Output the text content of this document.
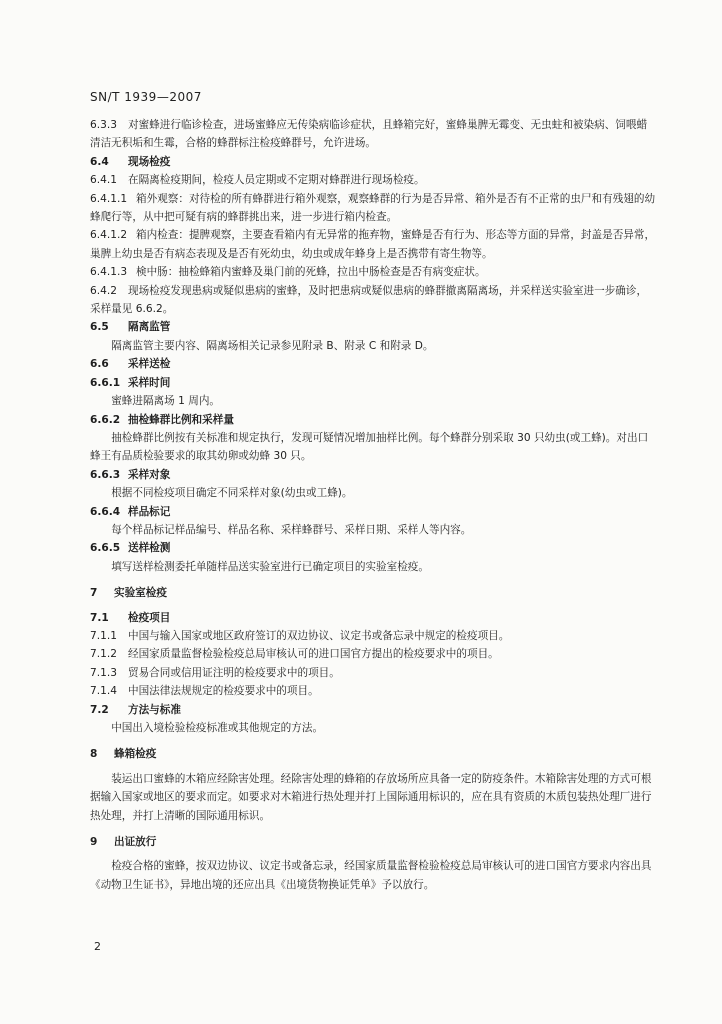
SN/T 1939—2007

6.3.3 对蜜蜂进行临诊检查，进场蜜蜂应无传染病临诊症状，且蜂箱完好，蜜蜂巢脾无霉变、无虫蛀和被染病、饲喂蜡清洁无积垢和生霉，合格的蜂群标注检疫蜂群号，允许进场。

6.4 现场检疫

6.4.1 在隔离检疫期间，检疫人员定期或不定期对蜂群进行现场检疫。

6.4.1.1 箱外观察：对待检的所有蜂群进行箱外观察，观察蜂群的行为是否异常、箱外是否有不正常的虫尸和有残翅的幼蜂爬行等，从中把可疑有病的蜂群挑出来，进一步进行箱内检查。

6.4.1.2 箱内检查：提脾观察，主要查看箱内有无异常的拖弃物，蜜蜂是否有行为、形态等方面的异常，封盖是否异常，巢脾上幼虫是否有病态表现及是否有死幼虫，幼虫或成年蜂身上是否携带有寄生物等。

6.4.1.3 検中肠：抽检蜂箱内蜜蜂及巢门前的死蜂，拉出中肠检查是否有病变症状。

6.4.2 现场检疫发现患病或疑似患病的蜜蜂，及时把患病或疑似患病的蜂群撤离隔离场，并采样送实验室进一步确诊，采样量见 6.6.2。

6.5 隔离监管

隔离监管主要内容、隔离场相关记录参见附录 B、附录 C 和附录 D。

6.6 采样送检

6.6.1 采样时间

蜜蜂进隔离场 1 周内。

6.6.2 抽检蜂群比例和采样量

抽检蜂群比例按有关标准和规定执行，发现可疑情况增加抽样比例。每个蜂群分别采取 30 只幼虫(或工蜂)。对出口蜂王有品质检验要求的取其幼卵或幼蜂 30 只。

6.6.3 采样对象

根据不同检疫项目确定不同采样对象(幼虫或工蜂)。

6.6.4 样品标记

每个样品标记样品编号、样品名称、采样蜂群号、采样日期、采样人等内容。

6.6.5 送样检测

填写送样检测委托单随样品送实验室进行已确定项目的实验室检疫。

7 实验室检疫

7.1 检疫项目

7.1.1 中国与输入国家或地区政府签订的双边协议、议定书或备忘录中规定的检疫项目。

7.1.2 经国家质量监督检验检疫总局审核认可的进口国官方提出的检疫要求中的项目。

7.1.3 贸易合同或信用证注明的检疫要求中的项目。

7.1.4 中国法律法规规定的检疫要求中的项目。

7.2 方法与标准

中国出入境检验检疫标准或其他规定的方法。

8 蜂箱检疫

装运出口蜜蜂的木箱应经除害处理。经除害处理的蜂箱的存放场所应具备一定的防疫条件。木箱除害处理的方式可根据输入国家或地区的要求而定。如要求对木箱进行热处理并打上国际通用标识的，应在具有资质的木质包装热处理厂进行热处理，并打上清晰的国际通用标识。

9 出证放行

检疫合格的蜜蜂，按双边协议、议定书或备忘录，经国家质量监督检验检疫总局审核认可的进口国官方要求内容出具《动物卫生证书》，异地出境的还应出具《出境货物换证凭单》予以放行。

2
